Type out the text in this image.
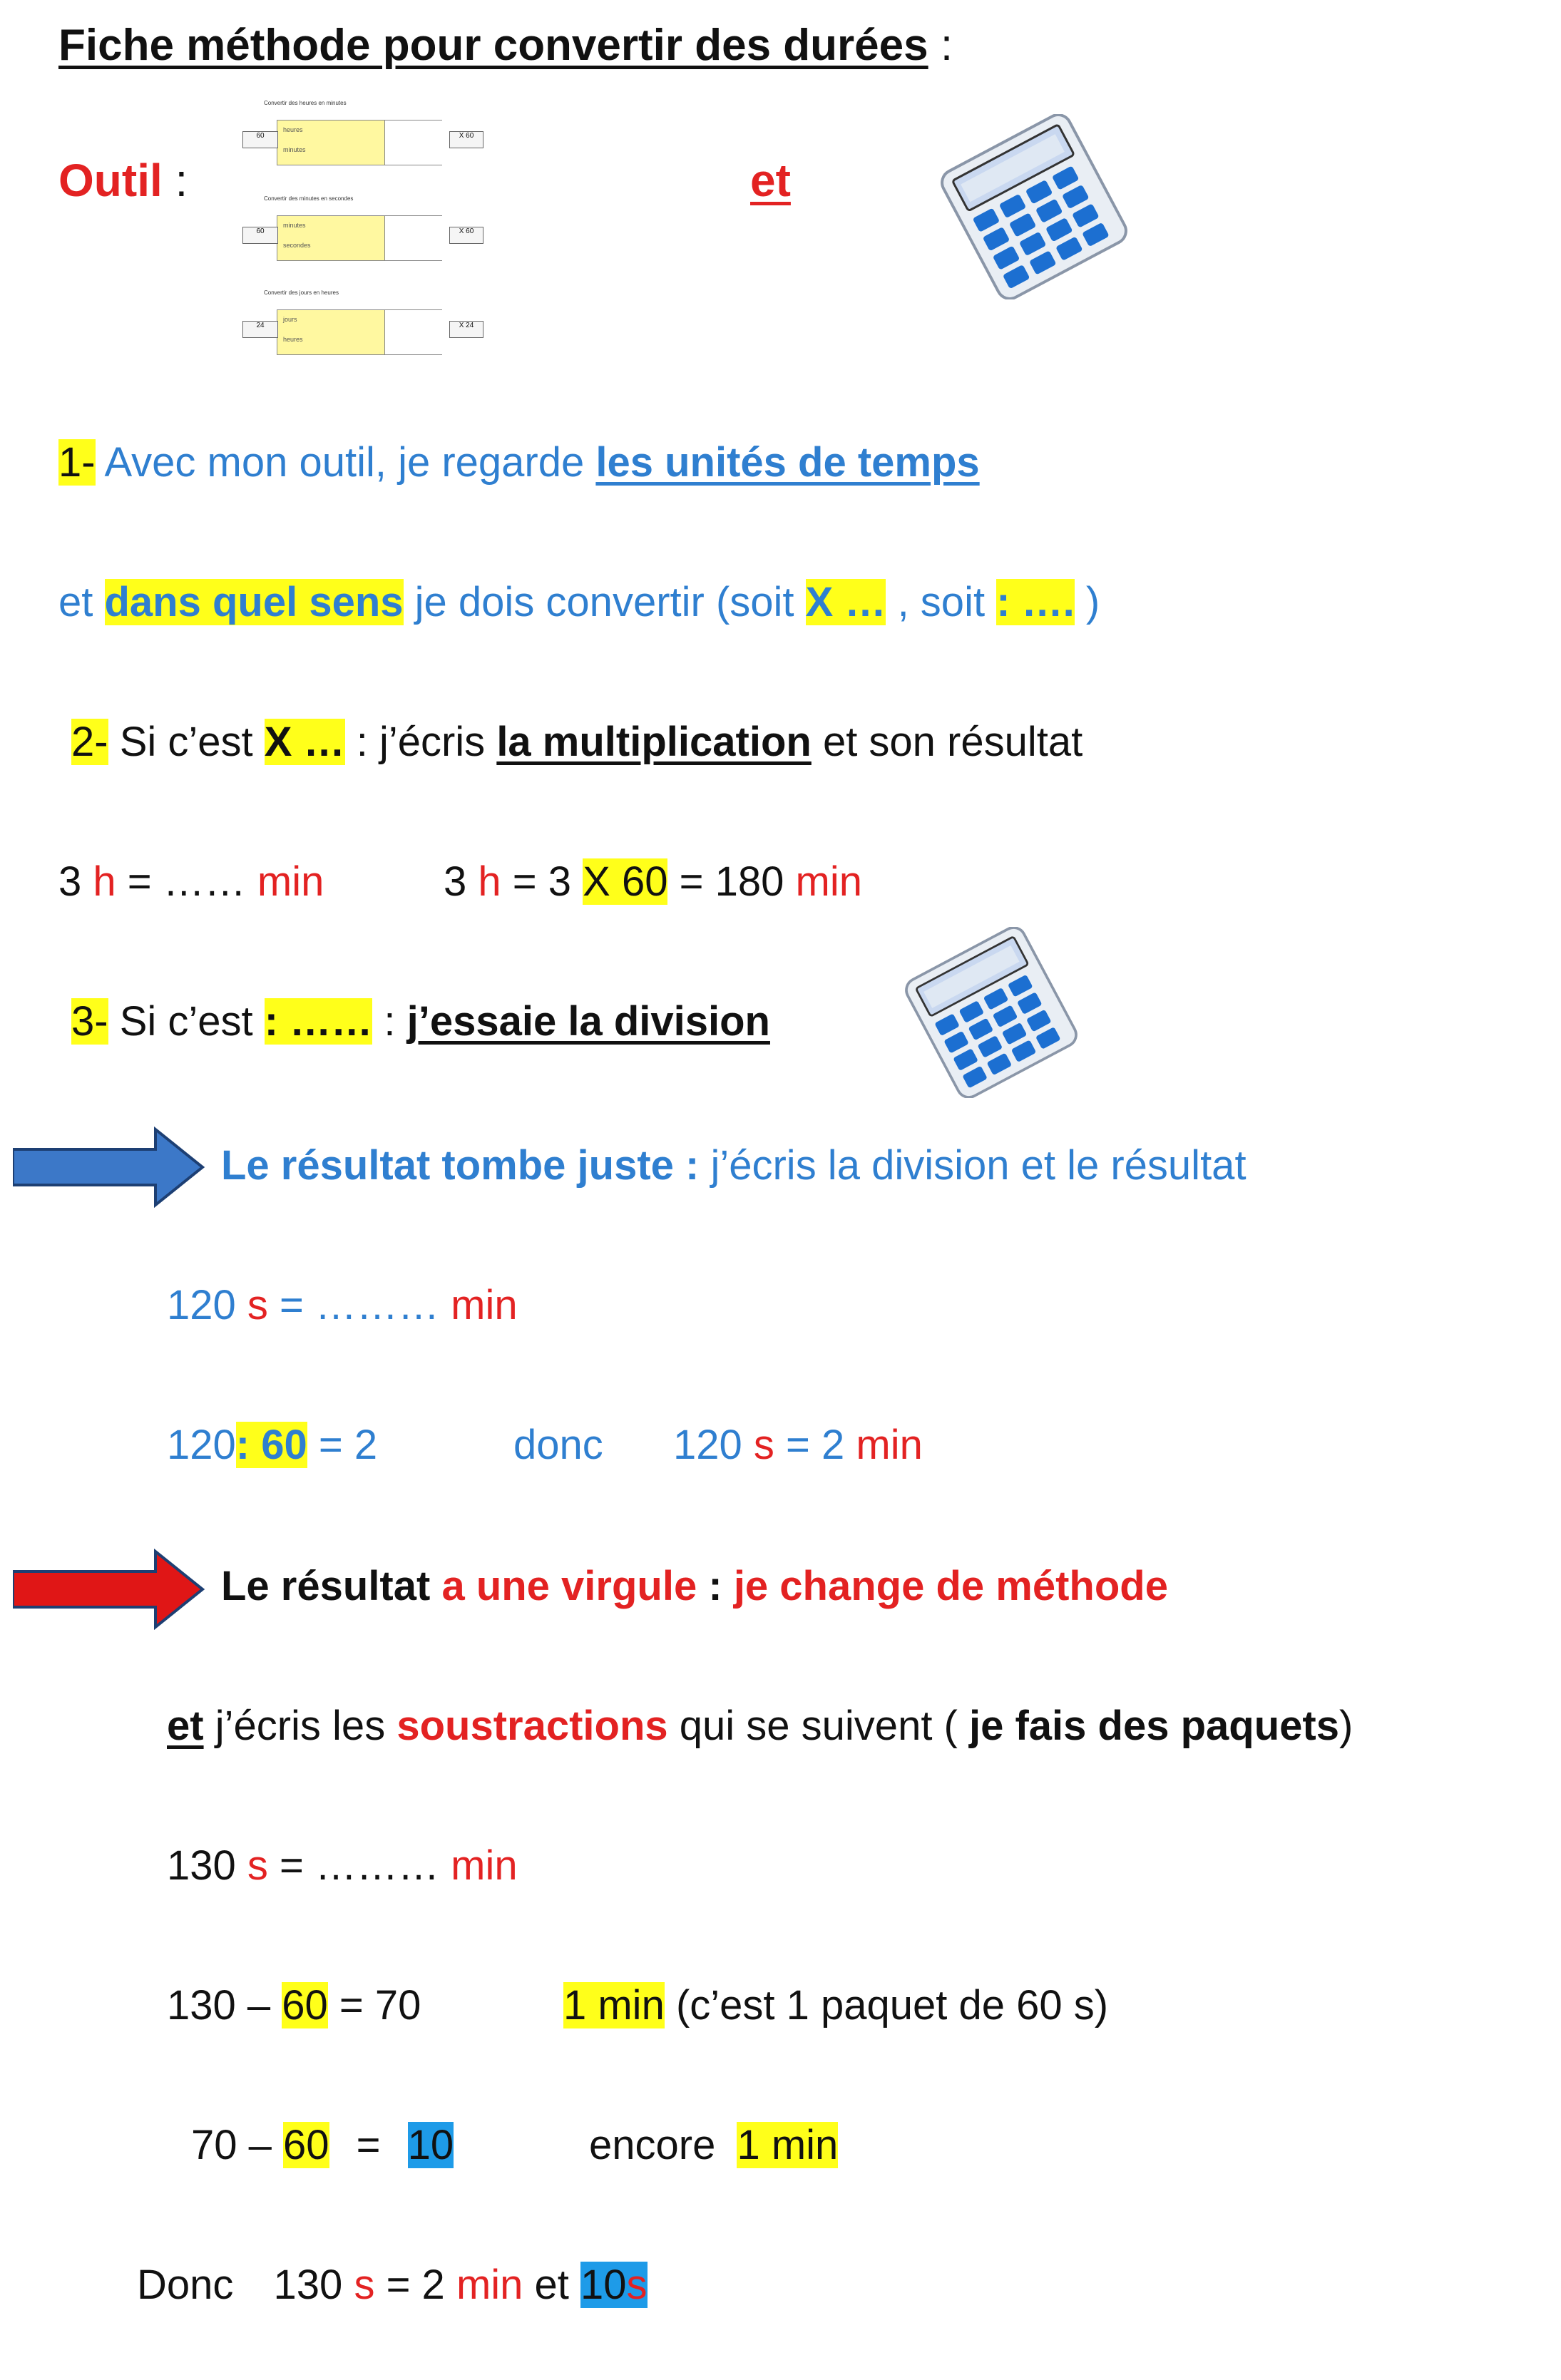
Fiche méthode pour convertir des durées :
Outil :
Convertir des heures en minutes
heures
minutes
60	X 60
Convertir des minutes en secondes
minutes
secondes
60	X 60
Convertir des jours en heures
jours
heures
24	X 24
et
1- Avec mon outil, je regarde les unités de temps
et dans quel sens je dois convertir (soit X … , soit : …. )
2- Si c’est X … : j’écris la multiplication et son résultat
3 h = …… min	3 h = 3 X 60 = 180 min
3- Si c’est : …… : j’essaie la division
Le résultat tombe juste : j’écris la division et le résultat
120 s = ……… min
120: 60 = 2	donc 120 s = 2 min
Le résultat a une virgule : je change de méthode
et j’écris les soustractions qui se suivent ( je fais des paquets)
130 s = ……… min
130 – 60 = 70	1 min (c’est 1 paquet de 60 s)
70 – 60 = 10	encore 1 min
Donc 130 s = 2 min et 10s
